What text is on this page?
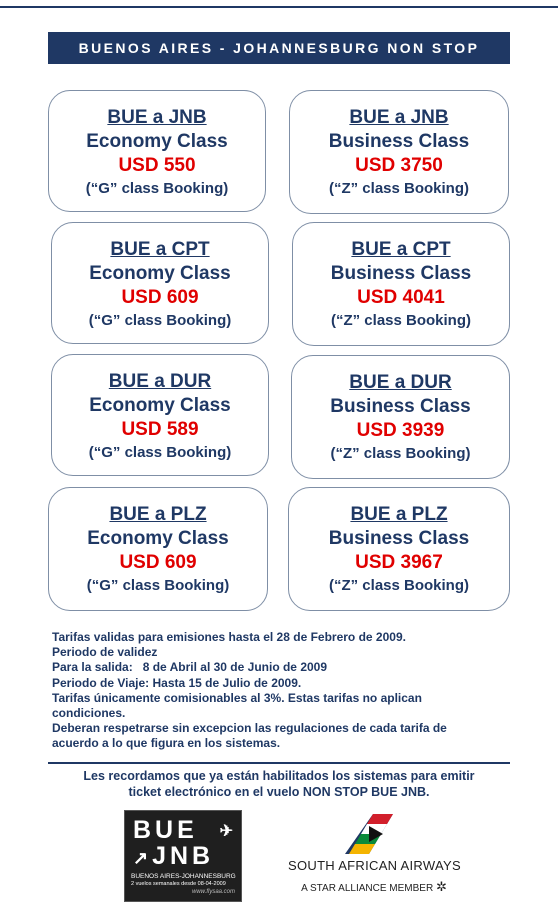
BUENOS AIRES - JOHANNESBURG NON STOP
BUE a JNB
Economy Class
USD 550
(“G” class Booking)
BUE a JNB
Business Class
USD 3750
(“Z” class Booking)
BUE a CPT
Economy Class
USD 609
(“G” class Booking)
BUE a CPT
Business Class
USD 4041
(“Z” class Booking)
BUE a DUR
Economy Class
USD 589
(“G” class Booking)
BUE a DUR
Business Class
USD 3939
(“Z” class Booking)
BUE a PLZ
Economy Class
USD 609
(“G” class Booking)
BUE a PLZ
Business Class
USD 3967
(“Z” class Booking)
Tarifas validas para emisiones hasta el 28 de Febrero de 2009.
Periodo de validez
Para la salida:   8 de Abril al 30 de Junio de 2009
Periodo de Viaje: Hasta 15 de Julio de 2009.
Tarifas únicamente comisionables al 3%. Estas tarifas no aplican
condiciones.
Deberan respetrarse sin excepcion las regulaciones de cada tarifa de
acuerdo a lo que figura en los sistemas.
Les recordamos que ya están habilitados los sistemas para emitir
ticket electrónico en el vuelo NON STOP BUE JNB.
BUE ✈
↗ JNB
BUENOS AIRES-JOHANNESBURG
2 vuelos semanales desde 08-04-2009
www.flysaa.com
SOUTH AFRICAN AIRWAYS
A STAR ALLIANCE MEMBER ✲
